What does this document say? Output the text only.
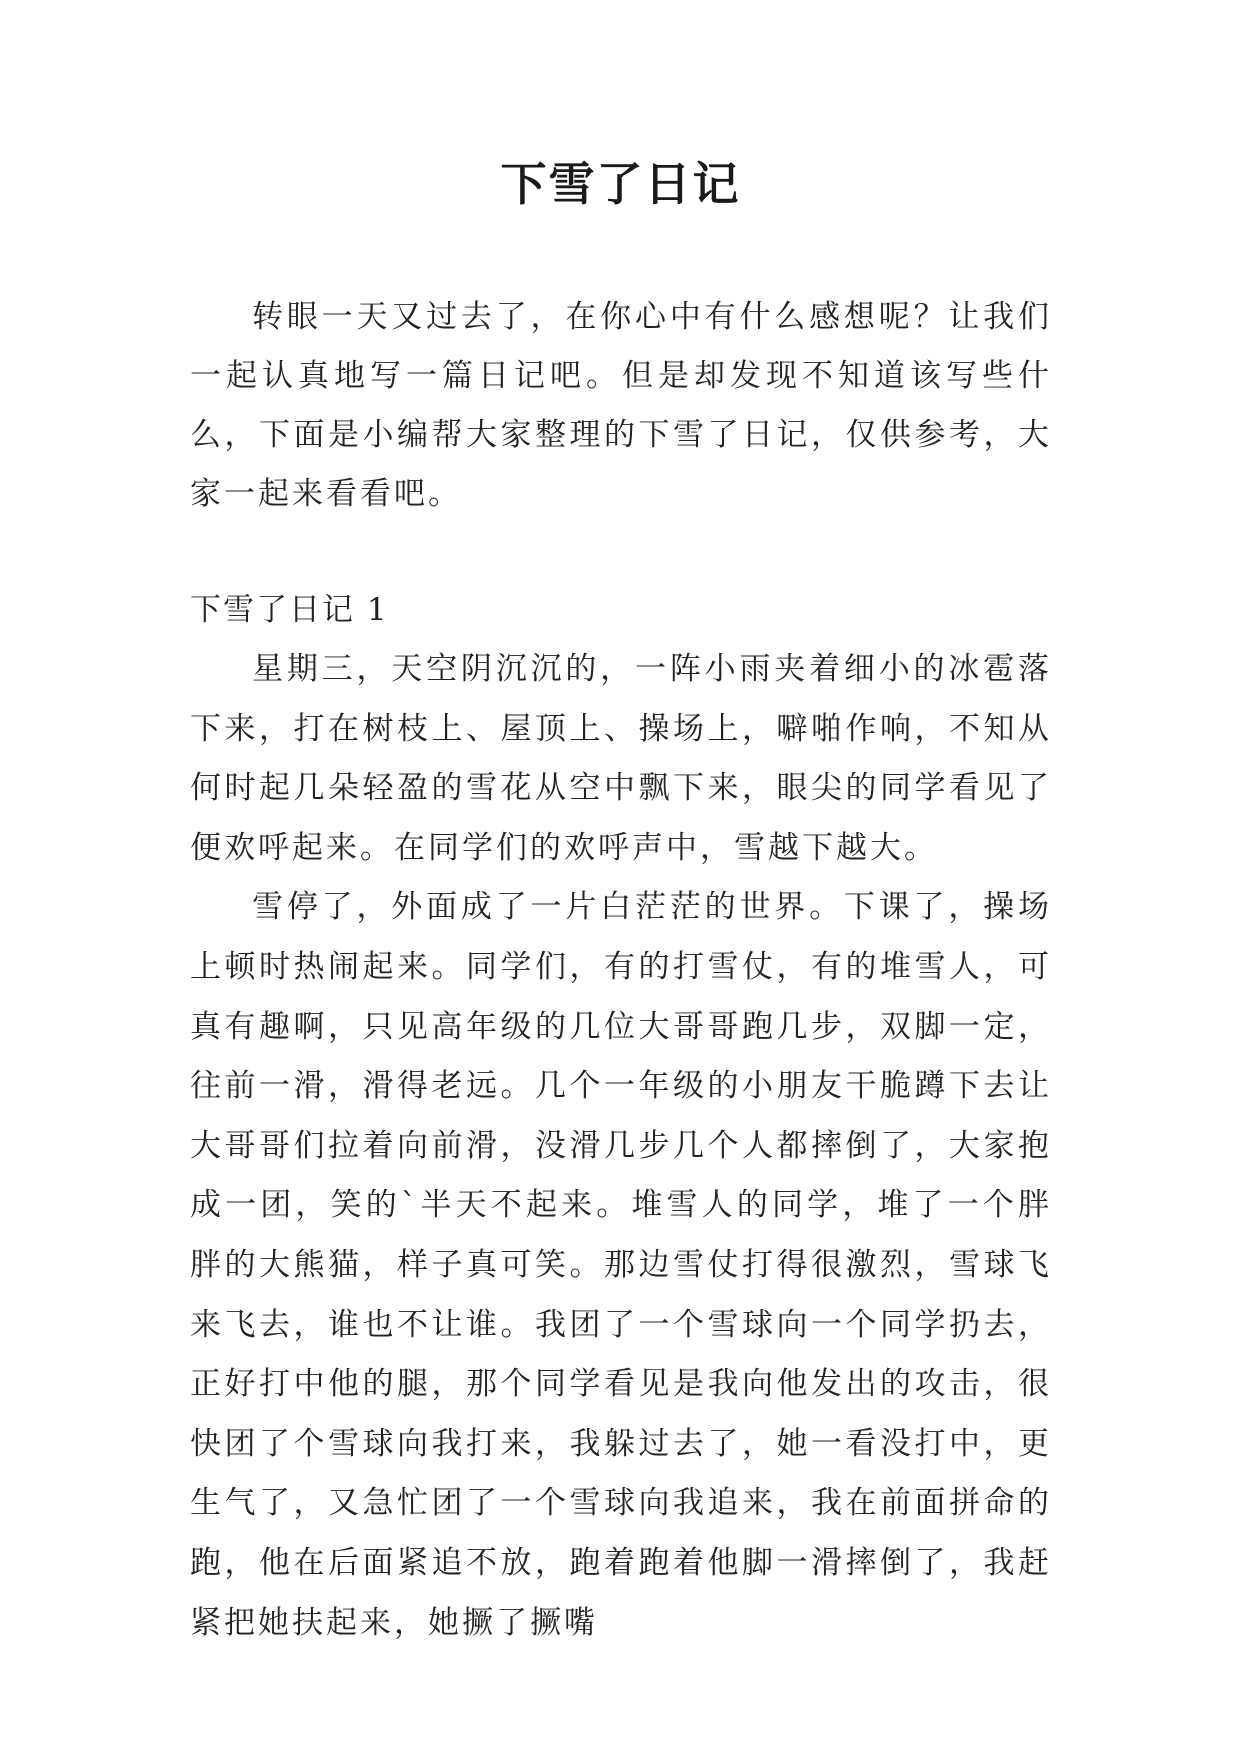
下雪了日记

转眼一天又过去了，在你心中有什么感想呢？让我们一起认真地写一篇日记吧。但是却发现不知道该写些什么，下面是小编帮大家整理的下雪了日记，仅供参考，大家一起来看看吧。

下雪了日记 1

星期三，天空阴沉沉的，一阵小雨夹着细小的冰雹落下来，打在树枝上、屋顶上、操场上，噼啪作响，不知从何时起几朵轻盈的雪花从空中飘下来，眼尖的同学看见了便欢呼起来。在同学们的欢呼声中，雪越下越大。

雪停了，外面成了一片白茫茫的世界。下课了，操场上顿时热闹起来。同学们，有的打雪仗，有的堆雪人，可真有趣啊，只见高年级的几位大哥哥跑几步，双脚一定，往前一滑，滑得老远。几个一年级的小朋友干脆蹲下去让大哥哥们拉着向前滑，没滑几步几个人都摔倒了，大家抱成一团，笑的`半天不起来。堆雪人的同学，堆了一个胖胖的大熊猫，样子真可笑。那边雪仗打得很激烈，雪球飞来飞去，谁也不让谁。我团了一个雪球向一个同学扔去，正好打中他的腿，那个同学看见是我向他发出的攻击，很快团了个雪球向我打来，我躲过去了，她一看没打中，更生气了，又急忙团了一个雪球向我追来，我在前面拼命的跑，他在后面紧追不放，跑着跑着他脚一滑摔倒了，我赶紧把她扶起来，她撅了撅嘴
